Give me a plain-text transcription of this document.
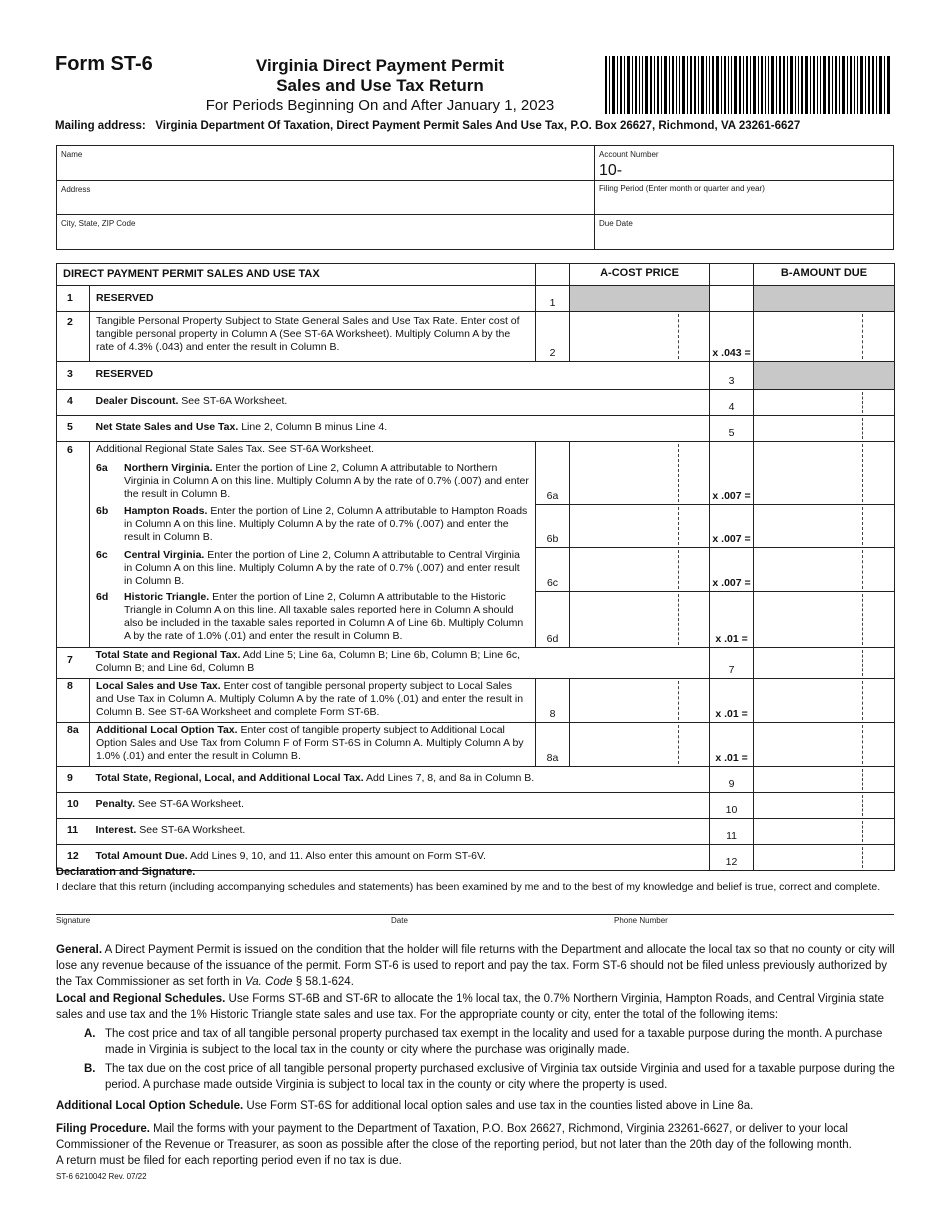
Form ST-6	Virginia Direct Payment Permit
Sales and Use Tax Return
For Periods Beginning On and After January 1, 2023
Mailing address: Virginia Department Of Taxation, Direct Payment Permit Sales And Use Tax, P.O. Box 26627, Richmond, VA 23261-6627
Name
Address
City, State, ZIP Code
Account Number
10-
Filing Period (Enter month or quarter and year)
Due Date
DIRECT PAYMENT PERMIT SALES AND USE TAX			A-COST PRICE		B-AMOUNT DUE
1	RESERVED	1			
2	Tangible Personal Property Subject to State General Sales and Use Tax Rate. Enter cost of tangible personal property in Column A (See ST-6A Worksheet). Multiply Column A by the rate of 4.3% (.043) and enter the result in Column B.	2		x .043 =	

3	RESERVED			3	
4	Dealer Discount. See ST-6A Worksheet.			4	

5	Net State Sales and Use Tax. Line 2, Column B minus Line 4.			5	

6	Additional Regional State Sales Tax. See ST-6A Worksheet.
6a Northern Virginia. Enter the portion of Line 2, Column A attributable to Northern Virginia in Column A on this line. Multiply Column A by the rate of 0.7% (.007) and enter the result in Column B.	6a		x .007 =	

	6b Hampton Roads. Enter the portion of Line 2, Column A attributable to Hampton Roads in Column A on this line. Multiply Column A by the rate of 0.7% (.007) and enter the result in Column B.	6b		x .007 =	

	6c Central Virginia. Enter the portion of Line 2, Column A attributable to Central Virginia in Column A on this line. Multiply Column A by the rate of 0.7% (.007) and enter result in Column B.	6c		x .007 =	

	6d Historic Triangle. Enter the portion of Line 2, Column A attributable to the Historic Triangle in Column A on this line. All taxable sales reported here in Column A should also be included in the taxable sales reported in Column A of Line 6b. Multiply Column A by the rate of 1.0% (.01) and enter the result in Column B.	6d		x .01 =	

7	Total State and Regional Tax. Add Line 5; Line 6a, Column B; Line 6b, Column B; Line 6c, Column B; and Line 6d, Column B			7	

8	Local Sales and Use Tax. Enter cost of tangible personal property subject to Local Sales and Use Tax in Column A. Multiply Column A by the rate of 1.0% (.01) and enter the result in Column B. See ST-6A Worksheet and complete Form ST-6B.	8		x .01 =	

8a	Additional Local Option Tax. Enter cost of tangible property subject to Additional Local Option Sales and Use Tax from Column F of Form ST-6S in Column A. Multiply Column A by 1.0% (.01) and enter the result in Column B.	8a		x .01 =	

9	Total State, Regional, Local, and Additional Local Tax. Add Lines 7, 8, and 8a in Column B.			9	

10	Penalty. See ST-6A Worksheet.			10	

11	Interest. See ST-6A Worksheet.			11	

12	Total Amount Due. Add Lines 9, 10, and 11. Also enter this amount on Form ST-6V.			12	
Declaration and Signature.
I declare that this return (including accompanying schedules and statements) has been examined by me and to the best of my knowledge and belief is true, correct and complete.
Signature	Date	Phone Number
General. A Direct Payment Permit is issued on the condition that the holder will file returns with the Department and allocate the local tax so that no county or city will lose any revenue because of the issuance of the permit. Form ST-6 is used to report and pay the tax. Form ST-6 should not be filed unless previously authorized by the Tax Commissioner as set forth in Va. Code § 58.1-624.
Local and Regional Schedules. Use Forms ST-6B and ST-6R to allocate the 1% local tax, the 0.7% Northern Virginia, Hampton Roads, and Central Virginia state sales and use tax and the 1% Historic Triangle state sales and use tax. For the appropriate county or city, enter the total of the following items:
A. The cost price and tax of all tangible personal property purchased tax exempt in the locality and used for a taxable purpose during the month. A purchase made in Virginia is subject to the local tax in the county or city where the purchase was originally made.
B. The tax due on the cost price of all tangible personal property purchased exclusive of Virginia tax outside Virginia and used for a taxable purpose during the period. A purchase made outside Virginia is subject to local tax in the county or city where the property is used.
Additional Local Option Schedule. Use Form ST-6S for additional local option sales and use tax in the counties listed above in Line 8a.
Filing Procedure. Mail the forms with your payment to the Department of Taxation, P.O. Box 26627, Richmond, Virginia 23261-6627, or deliver to your local Commissioner of the Revenue or Treasurer, as soon as possible after the close of the reporting period, but not later than the 20th day of the following month.
A return must be filed for each reporting period even if no tax is due.
ST-6 6210042 Rev. 07/22
